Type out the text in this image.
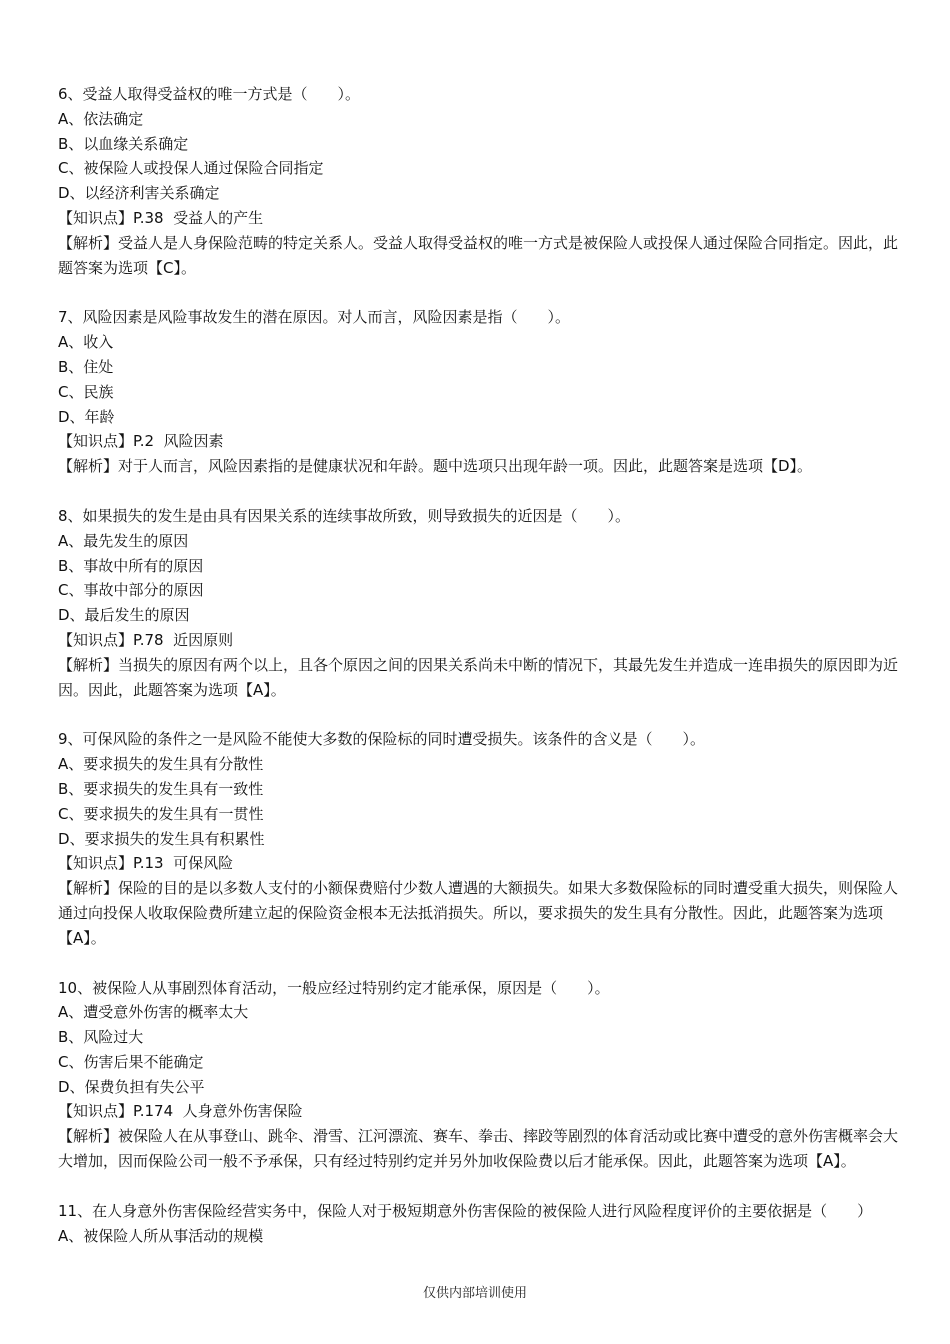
6、受益人取得受益权的唯一方式是（　　）。
A、依法确定
B、以血缘关系确定
C、被保险人或投保人通过保险合同指定
D、以经济利害关系确定
【知识点】P.38  受益人的产生
【解析】受益人是人身保险范畴的特定关系人。受益人取得受益权的唯一方式是被保险人或投保人通过保险合同指定。因此，此题答案为选项【C】。
7、风险因素是风险事故发生的潜在原因。对人而言，风险因素是指（　　）。
A、收入
B、住处
C、民族
D、年龄
【知识点】P.2  风险因素
【解析】对于人而言，风险因素指的是健康状况和年龄。题中选项只出现年龄一项。因此，此题答案是选项【D】。
8、如果损失的发生是由具有因果关系的连续事故所致，则导致损失的近因是（　　）。
A、最先发生的原因
B、事故中所有的原因
C、事故中部分的原因
D、最后发生的原因
【知识点】P.78  近因原则
【解析】当损失的原因有两个以上，且各个原因之间的因果关系尚未中断的情况下，其最先发生并造成一连串损失的原因即为近因。因此，此题答案为选项【A】。
9、可保风险的条件之一是风险不能使大多数的保险标的同时遭受损失。该条件的含义是（　　）。
A、要求损失的发生具有分散性
B、要求损失的发生具有一致性
C、要求损失的发生具有一贯性
D、要求损失的发生具有积累性
【知识点】P.13  可保风险
【解析】保险的目的是以多数人支付的小额保费赔付少数人遭遇的大额损失。如果大多数保险标的同时遭受重大损失，则保险人通过向投保人收取保险费所建立起的保险资金根本无法抵消损失。所以，要求损失的发生具有分散性。因此，此题答案为选项【A】。
10、被保险人从事剧烈体育活动，一般应经过特别约定才能承保，原因是（　　）。
A、遭受意外伤害的概率太大
B、风险过大
C、伤害后果不能确定
D、保费负担有失公平
【知识点】P.174  人身意外伤害保险
【解析】被保险人在从事登山、跳伞、滑雪、江河漂流、赛车、拳击、摔跤等剧烈的体育活动或比赛中遭受的意外伤害概率会大大增加，因而保险公司一般不予承保，只有经过特别约定并另外加收保险费以后才能承保。因此，此题答案为选项【A】。
11、在人身意外伤害保险经营实务中，保险人对于极短期意外伤害保险的被保险人进行风险程度评价的主要依据是（　　）
A、被保险人所从事活动的规模
仅供内部培训使用
